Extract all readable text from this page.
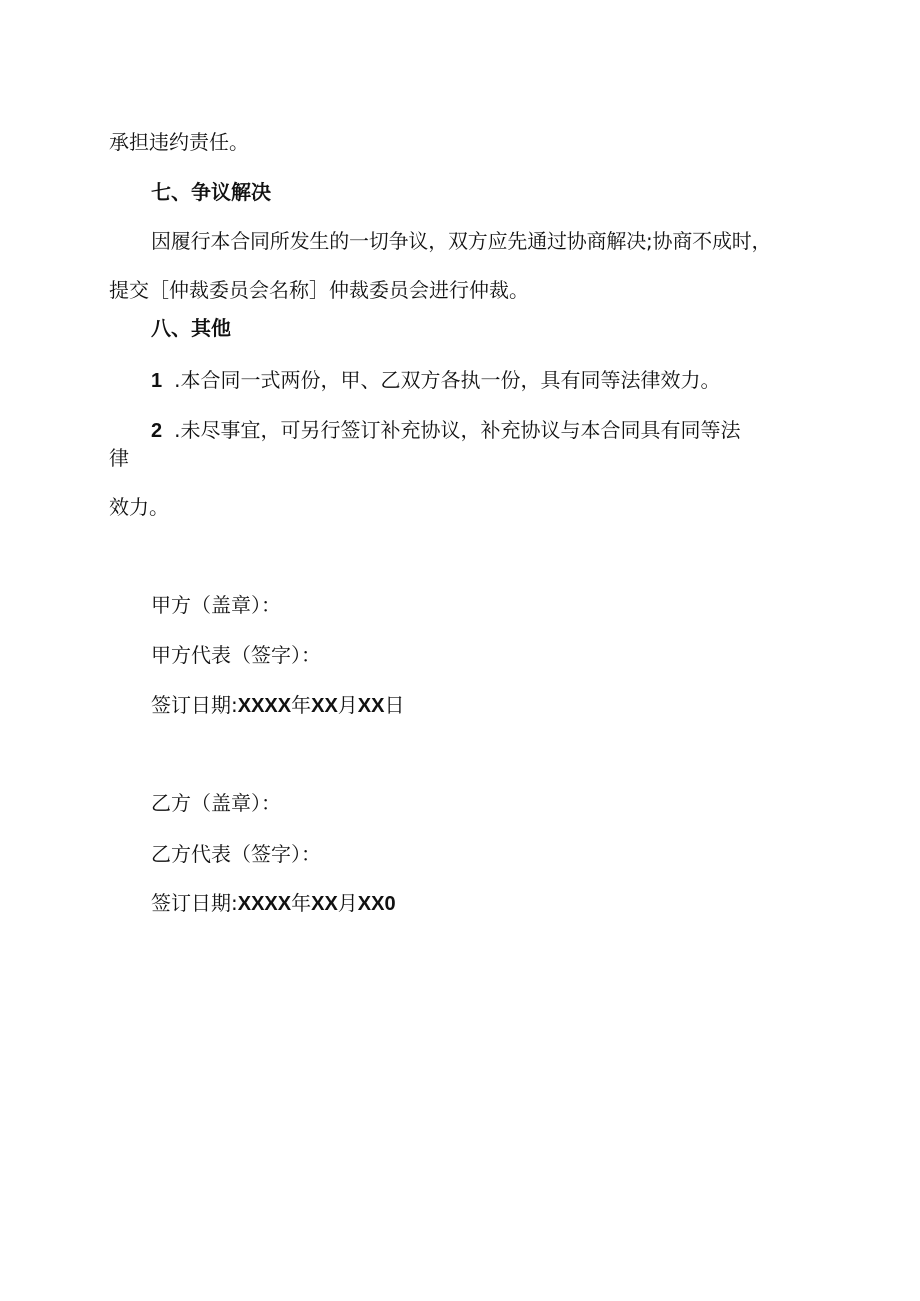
承担违约责任。
七、争议解决
因履行本合同所发生的一切争议，双方应先通过协商解决;协商不成时，
提交［仲裁委员会名称］仲裁委员会进行仲裁。
八、其他
1 .本合同一式两份，甲、乙双方各执一份，具有同等法律效力。
2 .未尽事宜，可另行签订补充协议，补充协议与本合同具有同等法
律
效力。
甲方（盖章）：
甲方代表（签字）：
签订日期:XXXX年XX月XX日
乙方（盖章）：
乙方代表（签字）：
签订日期:XXXX年XX月XX0
